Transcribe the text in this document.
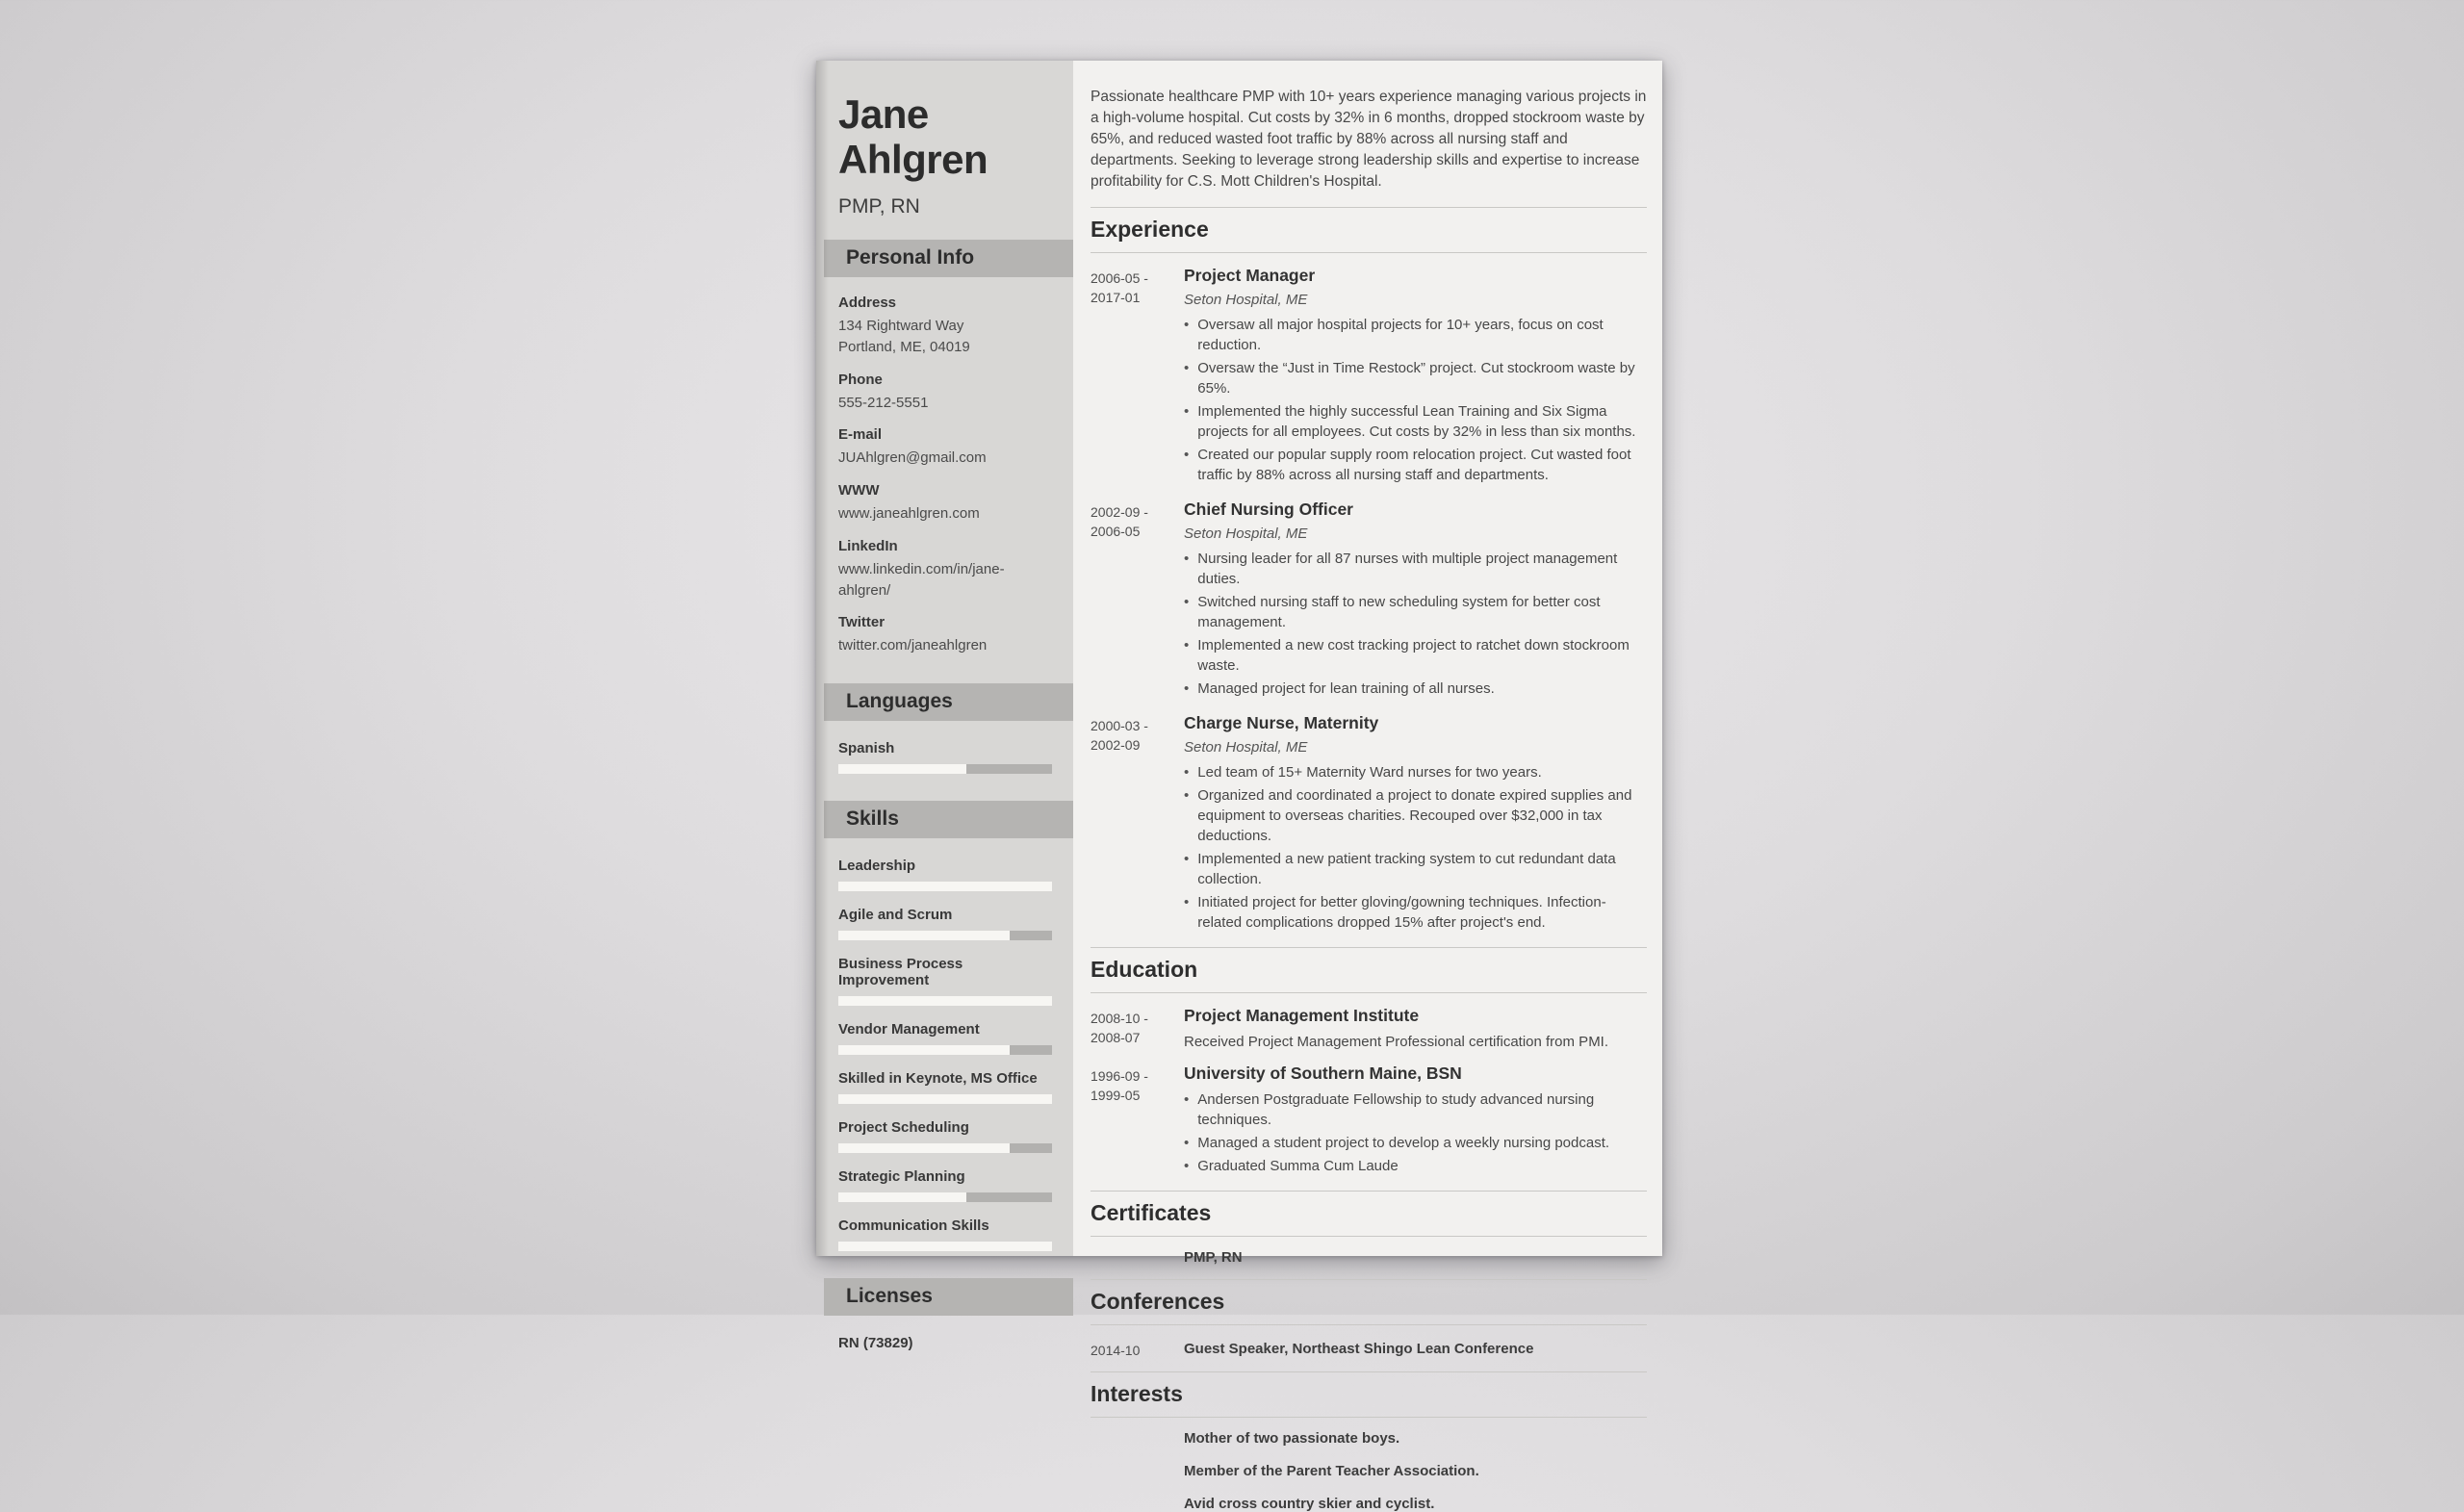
Jane Ahlgren
PMP, RN
Personal Info
Address
134 Rightward Way
Portland, ME, 04019
Phone
555-212-5551
E-mail
JUAhlgren@gmail.com
WWW
www.janeahlgren.com
LinkedIn
www.linkedin.com/in/jane-ahlgren/
Twitter
twitter.com/janeahlgren
Languages
Spanish
Skills
Leadership
Agile and Scrum
Business Process Improvement
Vendor Management
Skilled in Keynote, MS Office
Project Scheduling
Strategic Planning
Communication Skills
Licenses
RN (73829)

Passionate healthcare PMP with 10+ years experience managing various projects in a high-volume hospital. Cut costs by 32% in 6 months, dropped stockroom waste by 65%, and reduced wasted foot traffic by 88% across all nursing staff and departments. Seeking to leverage strong leadership skills and expertise to increase profitability for C.S. Mott Children's Hospital.

Experience
2006-05 -
2017-01
Project Manager
Seton Hospital, ME
•
Oversaw all major hospital projects for 10+ years, focus on cost reduction.
•
Oversaw the “Just in Time Restock” project. Cut stockroom waste by 65%.
•
Implemented the highly successful Lean Training and Six Sigma projects for all employees. Cut costs by 32% in less than six months.
•
Created our popular supply room relocation project. Cut wasted foot traffic by 88% across all nursing staff and departments.
2002-09 -
2006-05
Chief Nursing Officer
Seton Hospital, ME
•
Nursing leader for all 87 nurses with multiple project management duties.
•
Switched nursing staff to new scheduling system for better cost management.
•
Implemented a new cost tracking project to ratchet down stockroom waste.
•
Managed project for lean training of all nurses.
2000-03 -
2002-09
Charge Nurse, Maternity
Seton Hospital, ME
•
Led team of 15+ Maternity Ward nurses for two years.
•
Organized and coordinated a project to donate expired supplies and equipment to overseas charities. Recouped over $32,000 in tax deductions.
•
Implemented a new patient tracking system to cut redundant data collection.
•
Initiated project for better gloving/gowning techniques. Infection-related complications dropped 15% after project's end.
Education
2008-10 -
2008-07
Project Management Institute
Received Project Management Professional certification from PMI.
1996-09 -
1999-05
University of Southern Maine, BSN
•
Andersen Postgraduate Fellowship to study advanced nursing techniques.
•
Managed a student project to develop a weekly nursing podcast.
•
Graduated Summa Cum Laude
Certificates
PMP, RN
Conferences
2014-10	Guest Speaker, Northeast Shingo Lean Conference
Interests
Mother of two passionate boys.
Member of the Parent Teacher Association.
Avid cross country skier and cyclist.
